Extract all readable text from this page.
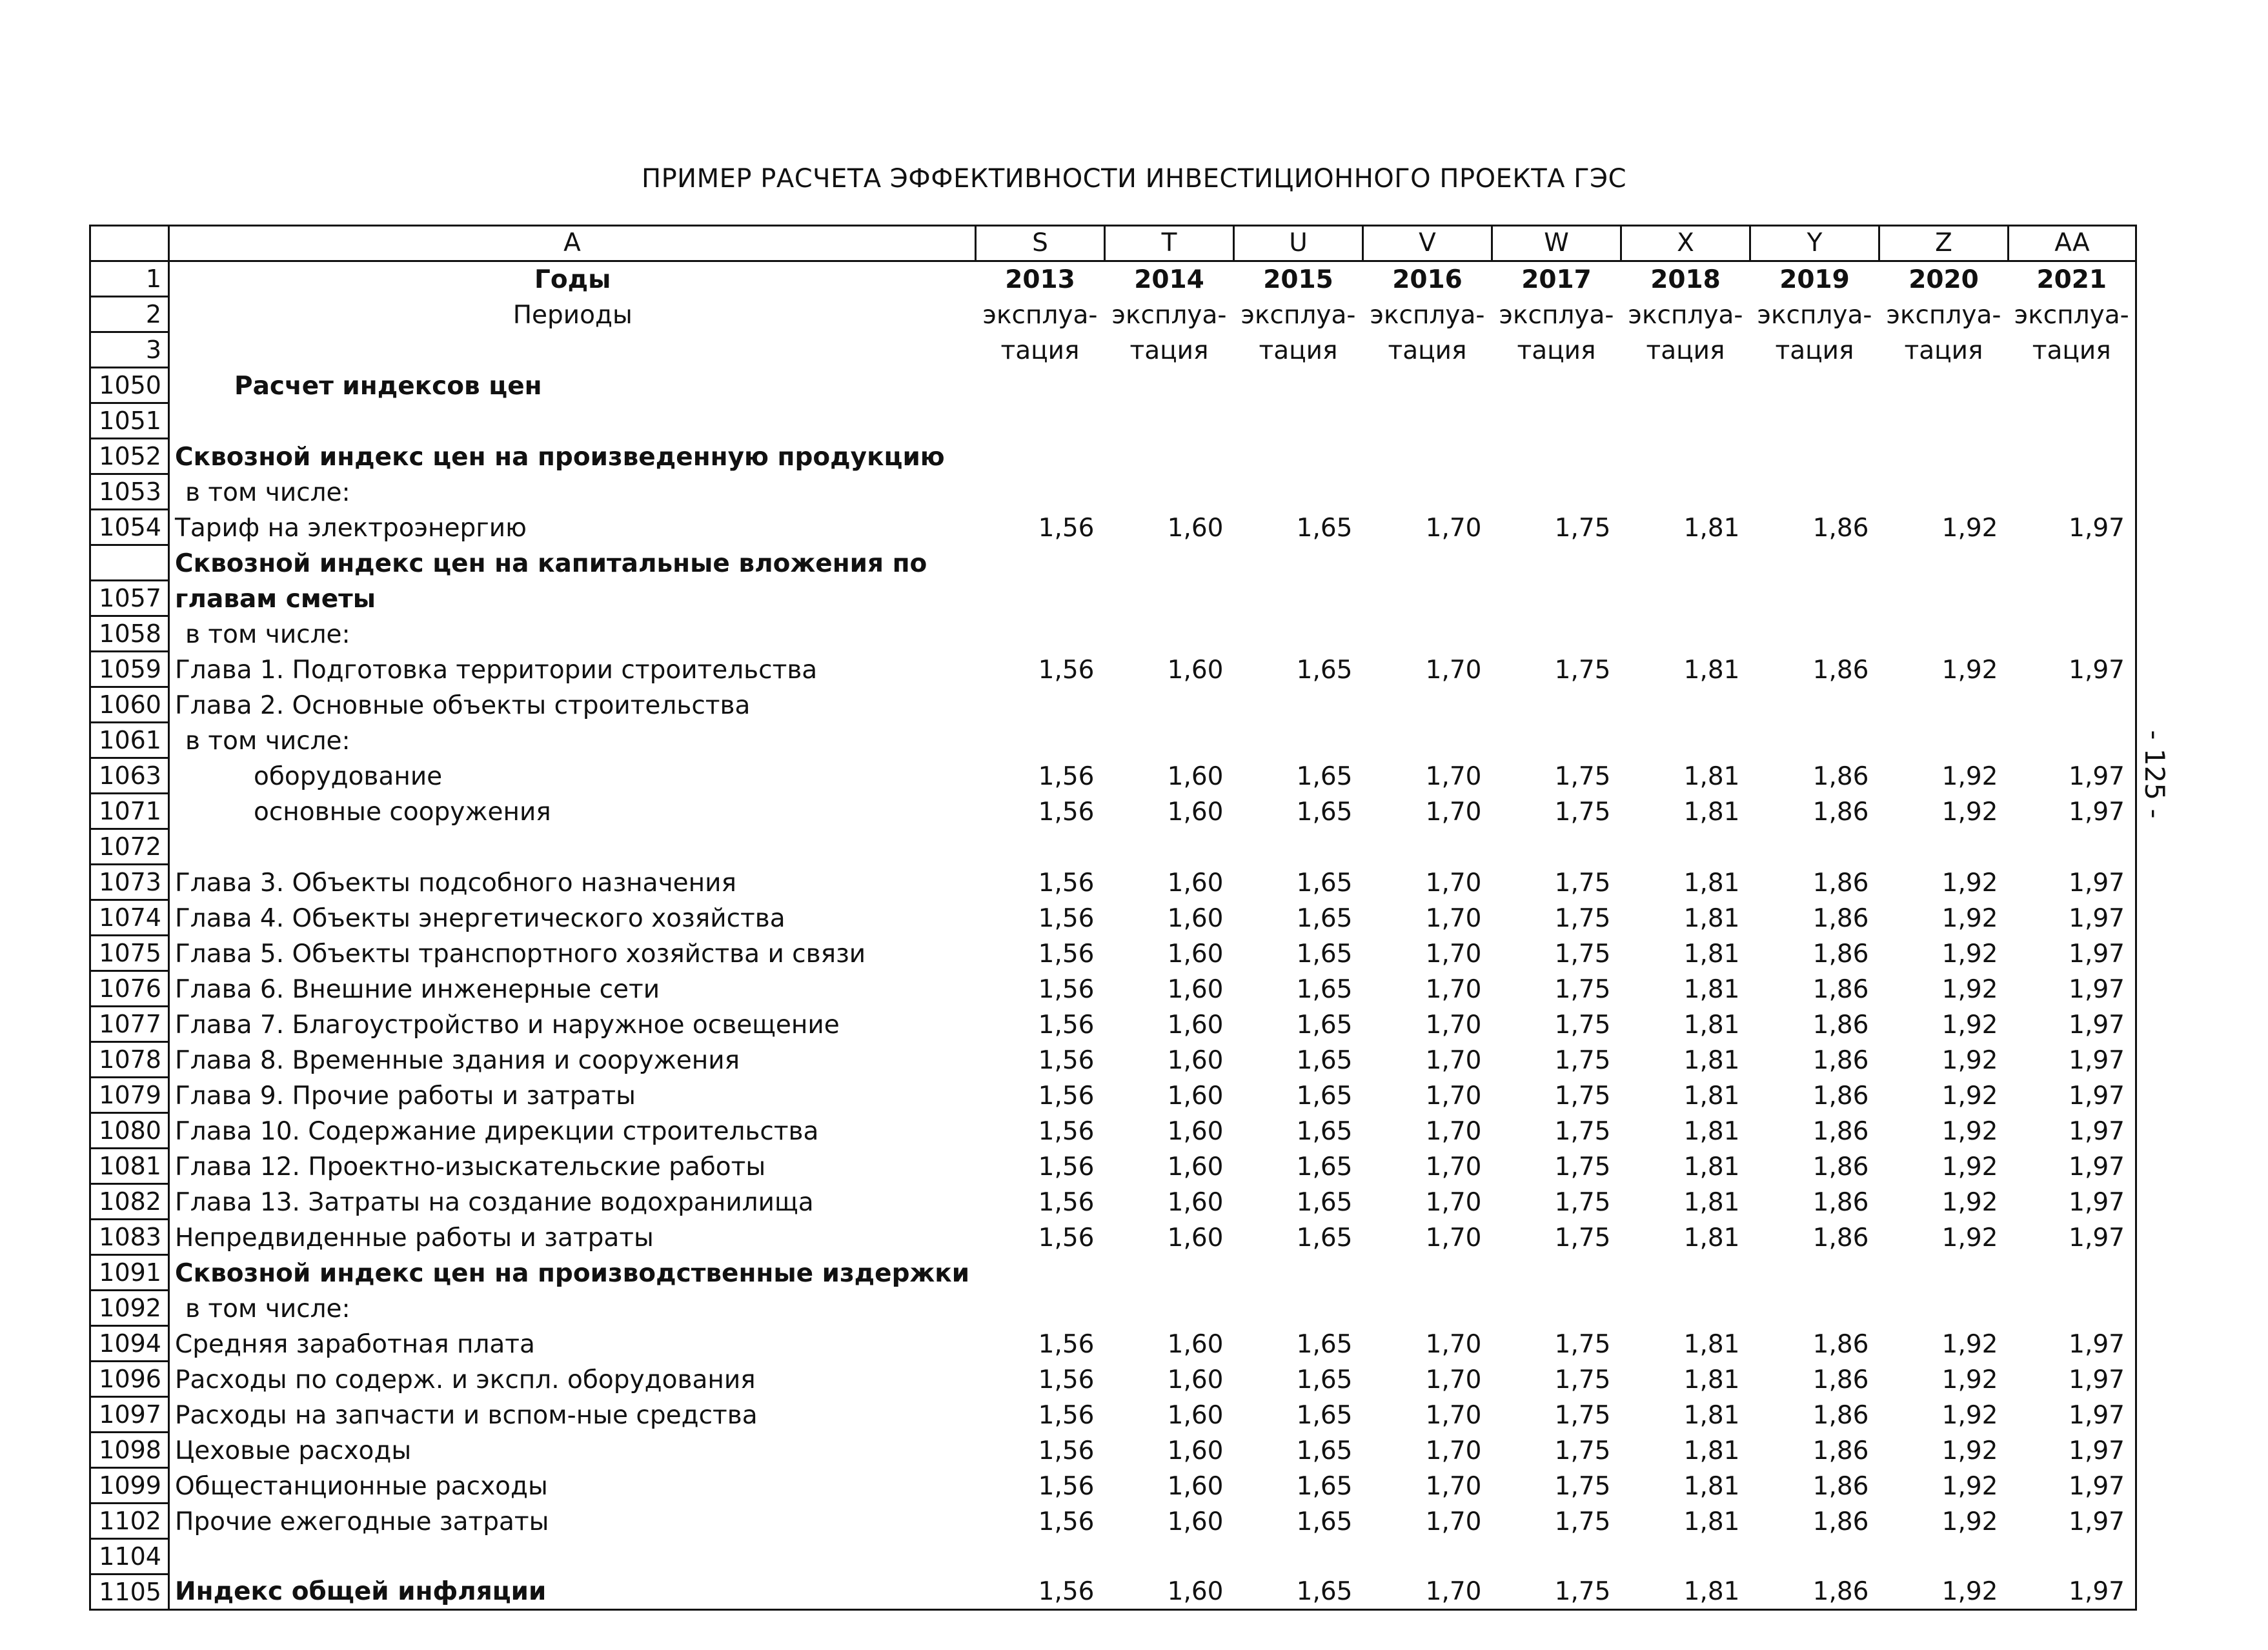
ПРИМЕР РАСЧЕТА ЭФФЕКТИВНОСТИ ИНВЕСТИЦИОННОГО ПРОЕКТА ГЭС
	A	S	T	U	V	W	X	Y	Z	AA
1	Годы	2013	2014	2015	2016	2017	2018	2019	2020	2021
2	Периоды	эксплуа-	эксплуа-	эксплуа-	эксплуа-	эксплуа-	эксплуа-	эксплуа-	эксплуа-	эксплуа-
3		тация	тация	тация	тация	тация	тация	тация	тация	тация
1050	Расчет индексов цен									
1051										
1052	Сквозной индекс цен на произведенную продукцию									
1053	в том числе:									
1054	Тариф на электроэнергию	1,56	1,60	1,65	1,70	1,75	1,81	1,86	1,92	1,97
	Сквозной индекс цен на капитальные вложения по									
1057	главам сметы									
1058	в том числе:									
1059	Глава 1. Подготовка территории строительства	1,56	1,60	1,65	1,70	1,75	1,81	1,86	1,92	1,97
1060	Глава 2. Основные объекты строительства									
1061	в том числе:									
1063	оборудование	1,56	1,60	1,65	1,70	1,75	1,81	1,86	1,92	1,97
1071	основные сооружения	1,56	1,60	1,65	1,70	1,75	1,81	1,86	1,92	1,97
1072										
1073	Глава 3. Объекты подсобного назначения	1,56	1,60	1,65	1,70	1,75	1,81	1,86	1,92	1,97
1074	Глава 4. Объекты энергетического хозяйства	1,56	1,60	1,65	1,70	1,75	1,81	1,86	1,92	1,97
1075	Глава 5. Объекты транспортного хозяйства и связи	1,56	1,60	1,65	1,70	1,75	1,81	1,86	1,92	1,97
1076	Глава 6. Внешние инженерные сети	1,56	1,60	1,65	1,70	1,75	1,81	1,86	1,92	1,97
1077	Глава 7. Благоустройство и наружное освещение	1,56	1,60	1,65	1,70	1,75	1,81	1,86	1,92	1,97
1078	Глава 8. Временные здания и сооружения	1,56	1,60	1,65	1,70	1,75	1,81	1,86	1,92	1,97
1079	Глава 9. Прочие работы и затраты	1,56	1,60	1,65	1,70	1,75	1,81	1,86	1,92	1,97
1080	Глава 10. Содержание дирекции строительства	1,56	1,60	1,65	1,70	1,75	1,81	1,86	1,92	1,97
1081	Глава 12. Проектно-изыскательские работы	1,56	1,60	1,65	1,70	1,75	1,81	1,86	1,92	1,97
1082	Глава 13. Затраты на создание водохранилища	1,56	1,60	1,65	1,70	1,75	1,81	1,86	1,92	1,97
1083	Непредвиденные работы и затраты	1,56	1,60	1,65	1,70	1,75	1,81	1,86	1,92	1,97
1091	Сквозной индекс цен на производственные издержки									
1092	в том числе:									
1094	Средняя заработная плата	1,56	1,60	1,65	1,70	1,75	1,81	1,86	1,92	1,97
1096	Расходы по содерж. и экспл. оборудования	1,56	1,60	1,65	1,70	1,75	1,81	1,86	1,92	1,97
1097	Расходы на запчасти и вспом-ные средства	1,56	1,60	1,65	1,70	1,75	1,81	1,86	1,92	1,97
1098	Цеховые расходы	1,56	1,60	1,65	1,70	1,75	1,81	1,86	1,92	1,97
1099	Общестанционные расходы	1,56	1,60	1,65	1,70	1,75	1,81	1,86	1,92	1,97
1102	Прочие ежегодные затраты	1,56	1,60	1,65	1,70	1,75	1,81	1,86	1,92	1,97
1104										
1105	Индекс общей инфляции	1,56	1,60	1,65	1,70	1,75	1,81	1,86	1,92	1,97
- 125 -
